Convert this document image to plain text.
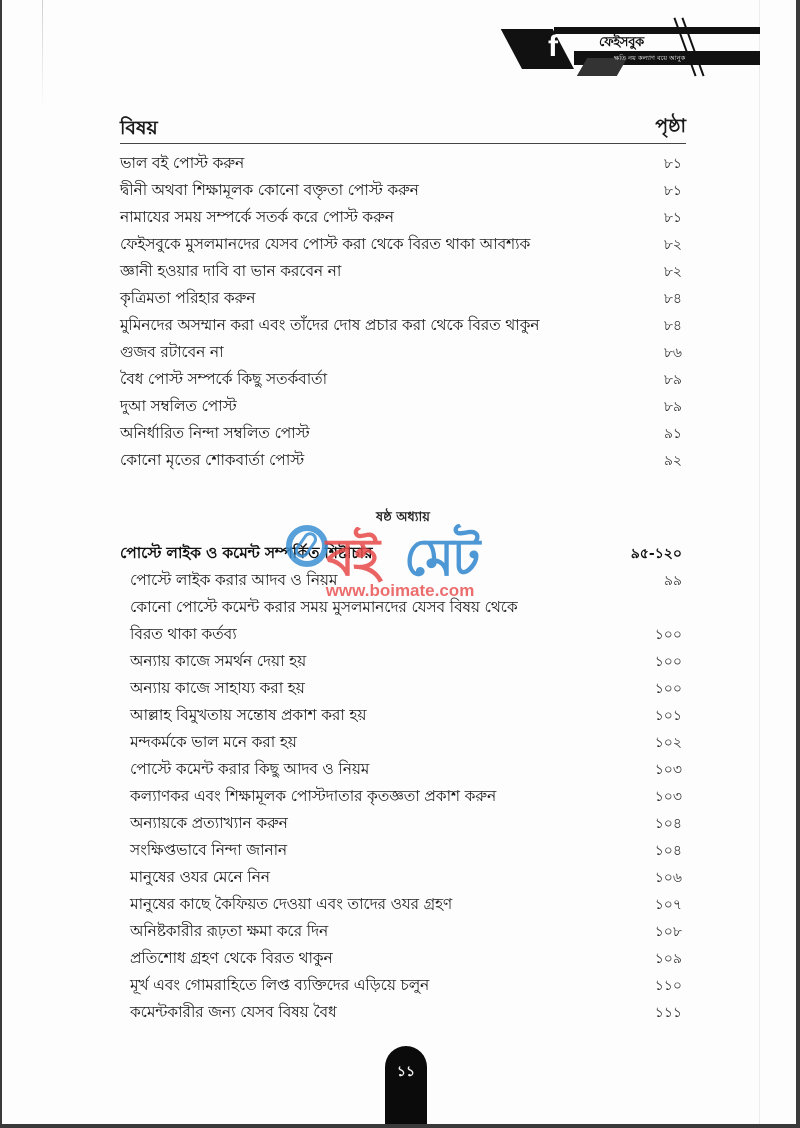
f	ফেইসবুক
ক্ষতি নয় কল্যাণ বয়ে আনুক
বিষয়	পৃষ্ঠা
ভাল বই পোস্ট করুন	৮১
দ্বীনী অথবা শিক্ষামূলক কোনো বক্তৃতা পোস্ট করুন	৮১
নামাযের সময় সম্পর্কে সতর্ক করে পোস্ট করুন	৮১
ফেইসবুকে মুসলমানদের যেসব পোস্ট করা থেকে বিরত থাকা আবশ্যক	৮২
জ্ঞানী হওয়ার দাবি বা ভান করবেন না	৮২
কৃত্রিমতা পরিহার করুন	৮৪
মুমিনদের অসম্মান করা এবং তাঁদের দোষ প্রচার করা থেকে বিরত থাকুন	৮৪
গুজব রটাবেন না	৮৬
বৈধ পোস্ট সম্পর্কে কিছু সতর্কবার্তা	৮৯
দুআ সম্বলিত পোস্ট	৮৯
অনির্ধারিত নিন্দা সম্বলিত পোস্ট	৯১
কোনো মৃতের শোকবার্তা পোস্ট	৯২
ষষ্ঠ অধ্যায়
পোস্টে লাইক ও কমেন্ট সম্পর্কিত শিষ্টাচার	৯৫-১২০
পোস্টে লাইক করার আদব ও নিয়ম	৯৯
কোনো পোস্টে কমেন্ট করার সময় মুসলমানদের যেসব বিষয় থেকে
বিরত থাকা কর্তব্য	১০০
অন্যায় কাজে সমর্থন দেয়া হয়	১০০
অন্যায় কাজে সাহায্য করা হয়	১০০
আল্লাহ বিমুখতায় সন্তোষ প্রকাশ করা হয়	১০১
মন্দকর্মকে ভাল মনে করা হয়	১০২
পোস্টে কমেন্ট করার কিছু আদব ও নিয়ম	১০৩
কল্যাণকর এবং শিক্ষামূলক পোস্টদাতার কৃতজ্ঞতা প্রকাশ করুন	১০৩
অন্যায়কে প্রত্যাখ্যান করুন	১০৪
সংক্ষিপ্তভাবে নিন্দা জানান	১০৪
মানুষের ওযর মেনে নিন	১০৬
মানুষের কাছে কৈফিয়ত দেওয়া এবং তাদের ওযর গ্রহণ	১০৭
অনিষ্টকারীর রূঢ়তা ক্ষমা করে দিন	১০৮
প্রতিশোধ গ্রহণ থেকে বিরত থাকুন	১০৯
মূর্খ এবং গোমরাহিতে লিপ্ত ব্যক্তিদের এড়িয়ে চলুন	১১০
কমেন্টকারীর জন্য যেসব বিষয় বৈধ	১১১
বই মেট
www.boimate.com
১১
